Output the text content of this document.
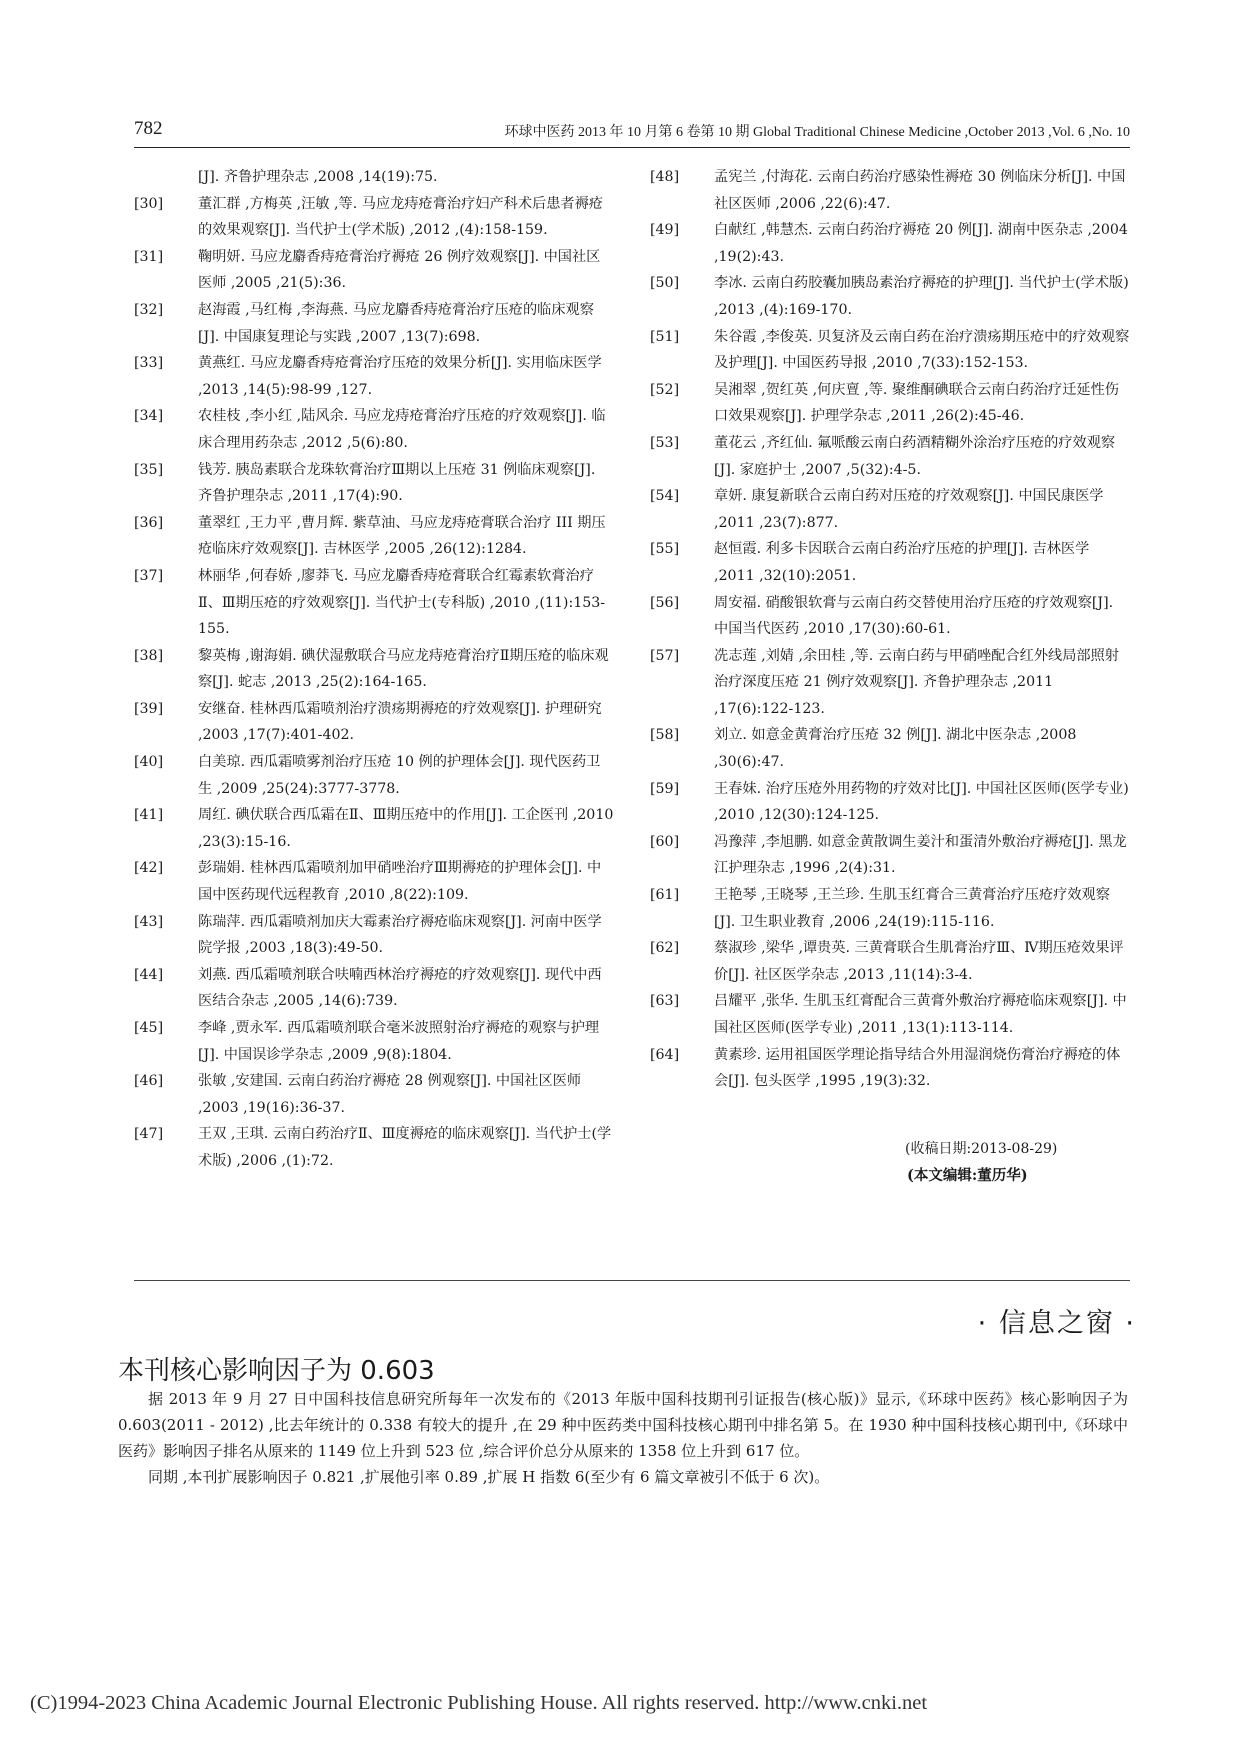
782	环球中医药 2013 年 10 月第 6 卷第 10 期 Global Traditional Chinese Medicine ,October 2013 ,Vol. 6 ,No. 10
[J]. 齐鲁护理杂志 ,2008 ,14(19):75.
[30]	董汇群 ,方梅英 ,汪敏 ,等. 马应龙痔疮膏治疗妇产科术后患者褥疮的效果观察[J]. 当代护士(学术版) ,2012 ,(4):158-159.
[31]	鞠明妍. 马应龙麝香痔疮膏治疗褥疮 26 例疗效观察[J]. 中国社区医师 ,2005 ,21(5):36.
[32]	赵海霞 ,马红梅 ,李海燕. 马应龙麝香痔疮膏治疗压疮的临床观察[J]. 中国康复理论与实践 ,2007 ,13(7):698.
[33]	黄燕红. 马应龙麝香痔疮膏治疗压疮的效果分析[J]. 实用临床医学 ,2013 ,14(5):98-99 ,127.
[34]	农桂枝 ,李小红 ,陆风余. 马应龙痔疮膏治疗压疮的疗效观察[J]. 临床合理用药杂志 ,2012 ,5(6):80.
[35]	钱芳. 胰岛素联合龙珠软膏治疗Ⅲ期以上压疮 31 例临床观察[J]. 齐鲁护理杂志 ,2011 ,17(4):90.
[36]	董翠红 ,王力平 ,曹月辉. 紫草油、马应龙痔疮膏联合治疗 III 期压疮临床疗效观察[J]. 吉林医学 ,2005 ,26(12):1284.
[37]	林丽华 ,何春娇 ,廖莽飞. 马应龙麝香痔疮膏联合红霉素软膏治疗Ⅱ、Ⅲ期压疮的疗效观察[J]. 当代护士(专科版) ,2010 ,(11):153-155.
[38]	黎英梅 ,谢海娟. 碘伏湿敷联合马应龙痔疮膏治疗Ⅱ期压疮的临床观察[J]. 蛇志 ,2013 ,25(2):164-165.
[39]	安继奋. 桂林西瓜霜喷剂治疗溃疡期褥疮的疗效观察[J]. 护理研究 ,2003 ,17(7):401-402.
[40]	白美琼. 西瓜霜喷雾剂治疗压疮 10 例的护理体会[J]. 现代医药卫生 ,2009 ,25(24):3777-3778.
[41]	周红. 碘伏联合西瓜霜在Ⅱ、Ⅲ期压疮中的作用[J]. 工企医刊 ,2010 ,23(3):15-16.
[42]	彭瑞娟. 桂林西瓜霜喷剂加甲硝唑治疗Ⅲ期褥疮的护理体会[J]. 中国中医药现代远程教育 ,2010 ,8(22):109.
[43]	陈瑞萍. 西瓜霜喷剂加庆大霉素治疗褥疮临床观察[J]. 河南中医学院学报 ,2003 ,18(3):49-50.
[44]	刘燕. 西瓜霜喷剂联合呋喃西林治疗褥疮的疗效观察[J]. 现代中西医结合杂志 ,2005 ,14(6):739.
[45]	李峰 ,贾永军. 西瓜霜喷剂联合毫米波照射治疗褥疮的观察与护理[J]. 中国误诊学杂志 ,2009 ,9(8):1804.
[46]	张敏 ,安建国. 云南白药治疗褥疮 28 例观察[J]. 中国社区医师 ,2003 ,19(16):36-37.
[47]	王双 ,王琪. 云南白药治疗Ⅱ、Ⅲ度褥疮的临床观察[J]. 当代护士(学术版) ,2006 ,(1):72.
[48]	孟宪兰 ,付海花. 云南白药治疗感染性褥疮 30 例临床分析[J]. 中国社区医师 ,2006 ,22(6):47.
[49]	白献红 ,韩慧杰. 云南白药治疗褥疮 20 例[J]. 湖南中医杂志 ,2004 ,19(2):43.
[50]	李冰. 云南白药胶囊加胰岛素治疗褥疮的护理[J]. 当代护士(学术版) ,2013 ,(4):169-170.
[51]	朱谷霞 ,李俊英. 贝复济及云南白药在治疗溃疡期压疮中的疗效观察及护理[J]. 中国医药导报 ,2010 ,7(33):152-153.
[52]	吴湘翠 ,贺红英 ,何庆亶 ,等. 聚维酮碘联合云南白药治疗迁延性伤口效果观察[J]. 护理学杂志 ,2011 ,26(2):45-46.
[53]	董花云 ,齐红仙. 氟哌酸云南白药酒精糊外涂治疗压疮的疗效观察[J]. 家庭护士 ,2007 ,5(32):4-5.
[54]	章妍. 康复新联合云南白药对压疮的疗效观察[J]. 中国民康医学 ,2011 ,23(7):877.
[55]	赵恒霞. 利多卡因联合云南白药治疗压疮的护理[J]. 吉林医学 ,2011 ,32(10):2051.
[56]	周安福. 硝酸银软膏与云南白药交替使用治疗压疮的疗效观察[J]. 中国当代医药 ,2010 ,17(30):60-61.
[57]	冼志莲 ,刘婧 ,余田桂 ,等. 云南白药与甲硝唑配合红外线局部照射治疗深度压疮 21 例疗效观察[J]. 齐鲁护理杂志 ,2011 ,17(6):122-123.
[58]	刘立. 如意金黄膏治疗压疮 32 例[J]. 湖北中医杂志 ,2008 ,30(6):47.
[59]	王春妹. 治疗压疮外用药物的疗效对比[J]. 中国社区医师(医学专业) ,2010 ,12(30):124-125.
[60]	冯豫萍 ,李旭鹏. 如意金黄散调生姜汁和蛋清外敷治疗褥疮[J]. 黑龙江护理杂志 ,1996 ,2(4):31.
[61]	王艳琴 ,王晓琴 ,王兰珍. 生肌玉红膏合三黄膏治疗压疮疗效观察[J]. 卫生职业教育 ,2006 ,24(19):115-116.
[62]	蔡淑珍 ,梁华 ,谭贵英. 三黄膏联合生肌膏治疗Ⅲ、Ⅳ期压疮效果评价[J]. 社区医学杂志 ,2013 ,11(14):3-4.
[63]	吕耀平 ,张华. 生肌玉红膏配合三黄膏外敷治疗褥疮临床观察[J]. 中国社区医师(医学专业) ,2011 ,13(1):113-114.
[64]	黄素珍. 运用祖国医学理论指导结合外用湿润烧伤膏治疗褥疮的体会[J]. 包头医学 ,1995 ,19(3):32.
(收稿日期:2013-08-29)
(本文编辑:董历华)
· 信息之窗 ·
本刊核心影响因子为 0.603

据 2013 年 9 月 27 日中国科技信息研究所每年一次发布的《2013 年版中国科技期刊引证报告(核心版)》显示,《环球中医药》核心影响因子为 0.603(2011 - 2012) ,比去年统计的 0.338 有较大的提升 ,在 29 种中医药类中国科技核心期刊中排名第 5。在 1930 种中国科技核心期刊中,《环球中医药》影响因子排名从原来的 1149 位上升到 523 位 ,综合评价总分从原来的 1358 位上升到 617 位。

同期 ,本刊扩展影响因子 0.821 ,扩展他引率 0.89 ,扩展 H 指数 6(至少有 6 篇文章被引不低于 6 次)。

(C)1994-2023 China Academic Journal Electronic Publishing House. All rights reserved. http://www.cnki.net
